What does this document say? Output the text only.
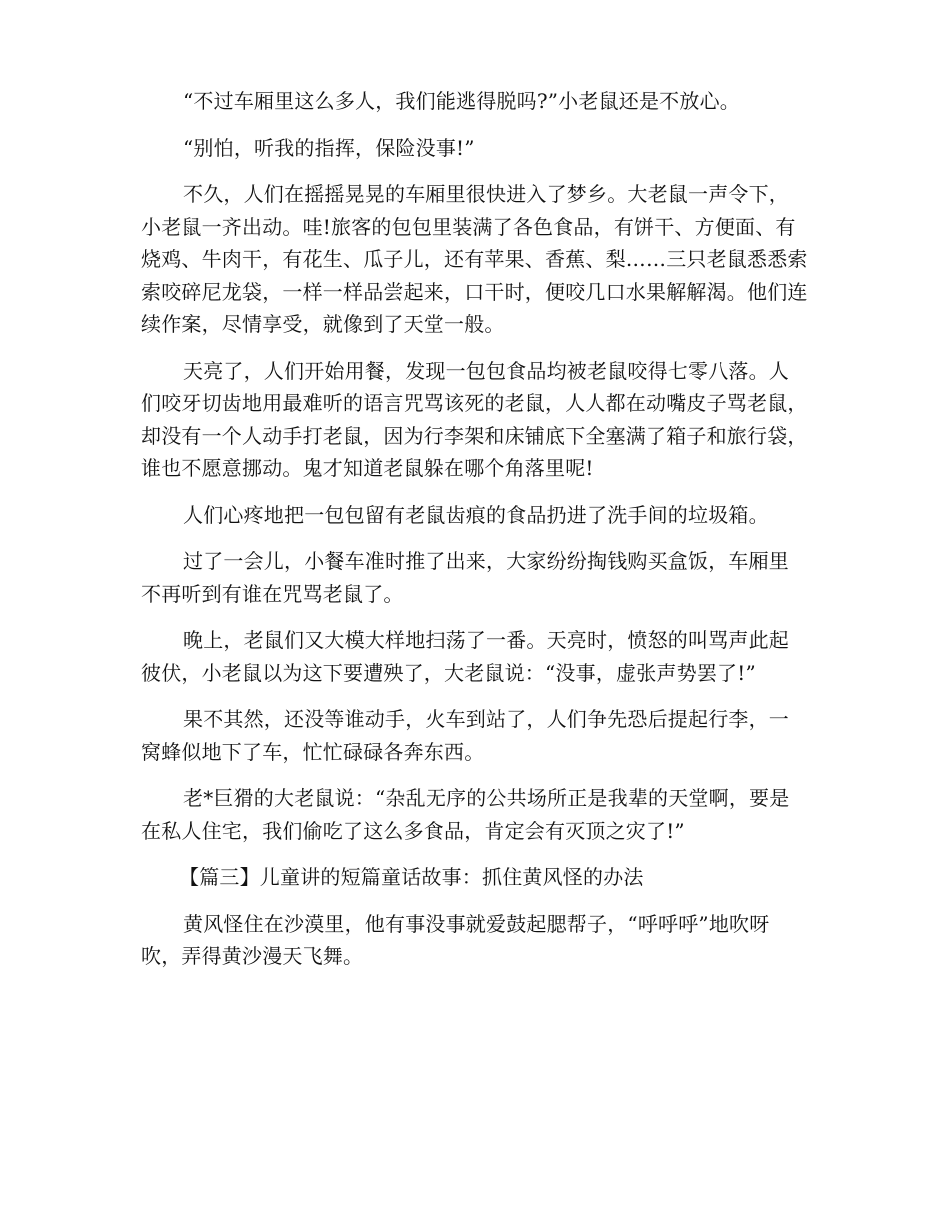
“不过车厢里这么多人，我们能逃得脱吗?”小老鼠还是不放心。

“别怕，听我的指挥，保险没事!”

不久，人们在摇摇晃晃的车厢里很快进入了梦乡。大老鼠一声令下，小老鼠一齐出动。哇!旅客的包包里装满了各色食品，有饼干、方便面、有烧鸡、牛肉干，有花生、瓜子儿，还有苹果、香蕉、梨……三只老鼠悉悉索索咬碎尼龙袋，一样一样品尝起来，口干时，便咬几口水果解解渴。他们连续作案，尽情享受，就像到了天堂一般。

天亮了，人们开始用餐，发现一包包食品均被老鼠咬得七零八落。人们咬牙切齿地用最难听的语言咒骂该死的老鼠，人人都在动嘴皮子骂老鼠，却没有一个人动手打老鼠，因为行李架和床铺底下全塞满了箱子和旅行袋，谁也不愿意挪动。鬼才知道老鼠躲在哪个角落里呢!

人们心疼地把一包包留有老鼠齿痕的食品扔进了洗手间的垃圾箱。

过了一会儿，小餐车准时推了出来，大家纷纷掏钱购买盒饭，车厢里不再听到有谁在咒骂老鼠了。

晚上，老鼠们又大模大样地扫荡了一番。天亮时，愤怒的叫骂声此起彼伏，小老鼠以为这下要遭殃了，大老鼠说：“没事，虚张声势罢了!”

果不其然，还没等谁动手，火车到站了，人们争先恐后提起行李，一窝蜂似地下了车，忙忙碌碌各奔东西。

老*巨猾的大老鼠说：“杂乱无序的公共场所正是我辈的天堂啊，要是在私人住宅，我们偷吃了这么多食品，肯定会有灭顶之灾了!”

【篇三】儿童讲的短篇童话故事：抓住黄风怪的办法

黄风怪住在沙漠里，他有事没事就爱鼓起腮帮子，“呼呼呼”地吹呀吹，弄得黄沙漫天飞舞。
